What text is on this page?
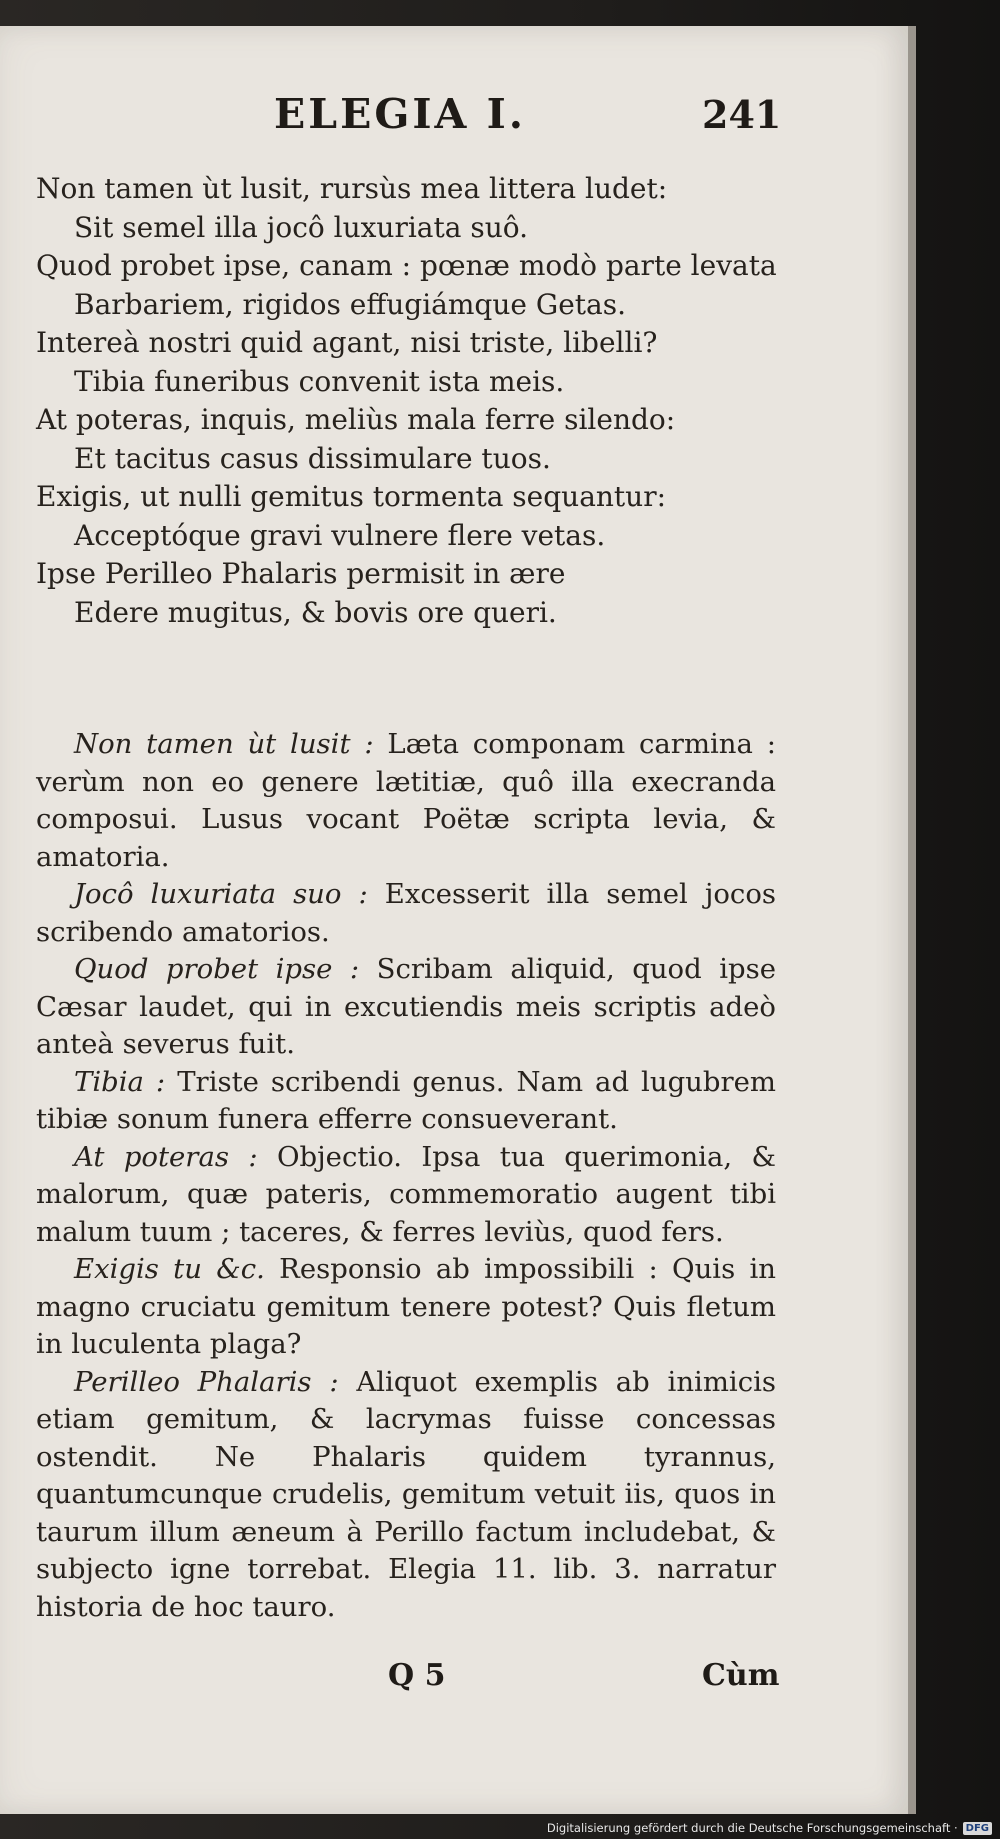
ELEGIA I.	241
Non tamen ùt lusit, rursùs mea littera ludet:
Sit semel illa jocô luxuriata suô.
Quod probet ipse, canam : pœnæ modò parte levata
Barbariem, rigidos effugiámque Getas.
Intereà nostri quid agant, nisi triste, libelli?
Tibia funeribus convenit ista meis.
At poteras, inquis, meliùs mala ferre silendo:
Et tacitus casus dissimulare tuos.
Exigis, ut nulli gemitus tormenta sequantur:
Acceptóque gravi vulnere flere vetas.
Ipse Perilleo Phalaris permisit in ære
Edere mugitus, & bovis ore queri.

Non tamen ùt lusit : Læta componam carmina : verùm non eo genere lætitiæ, quô illa execranda composui. Lusus vocant Poëtæ scripta levia, & amatoria.

Jocô luxuriata suo : Excesserit illa semel jocos scribendo amatorios.

Quod probet ipse : Scribam aliquid, quod ipse Cæsar laudet, qui in excutiendis meis scriptis adeò anteà severus fuit.

Tibia : Triste scribendi genus. Nam ad lugubrem tibiæ sonum funera efferre consueverant.

At poteras : Objectio. Ipsa tua querimonia, & malorum, quæ pateris, commemoratio augent tibi malum tuum ; taceres, & ferres leviùs, quod fers.

Exigis tu &c. Responsio ab impossibili : Quis in magno cruciatu gemitum tenere potest? Quis fletum in luculenta plaga?

Perilleo Phalaris : Aliquot exemplis ab inimicis etiam gemitum, & lacrymas fuisse concessas ostendit. Ne Phalaris quidem tyrannus, quantumcunque crudelis, gemitum vetuit iis, quos in taurum illum æneum à Perillo factum includebat, & subjecto igne torrebat. Elegia 11. lib. 3. narratur historia de hoc tauro.

Q 5	Cùm
Digitalisierung gefördert durch die Deutsche Forschungsgemeinschaft · DFG
